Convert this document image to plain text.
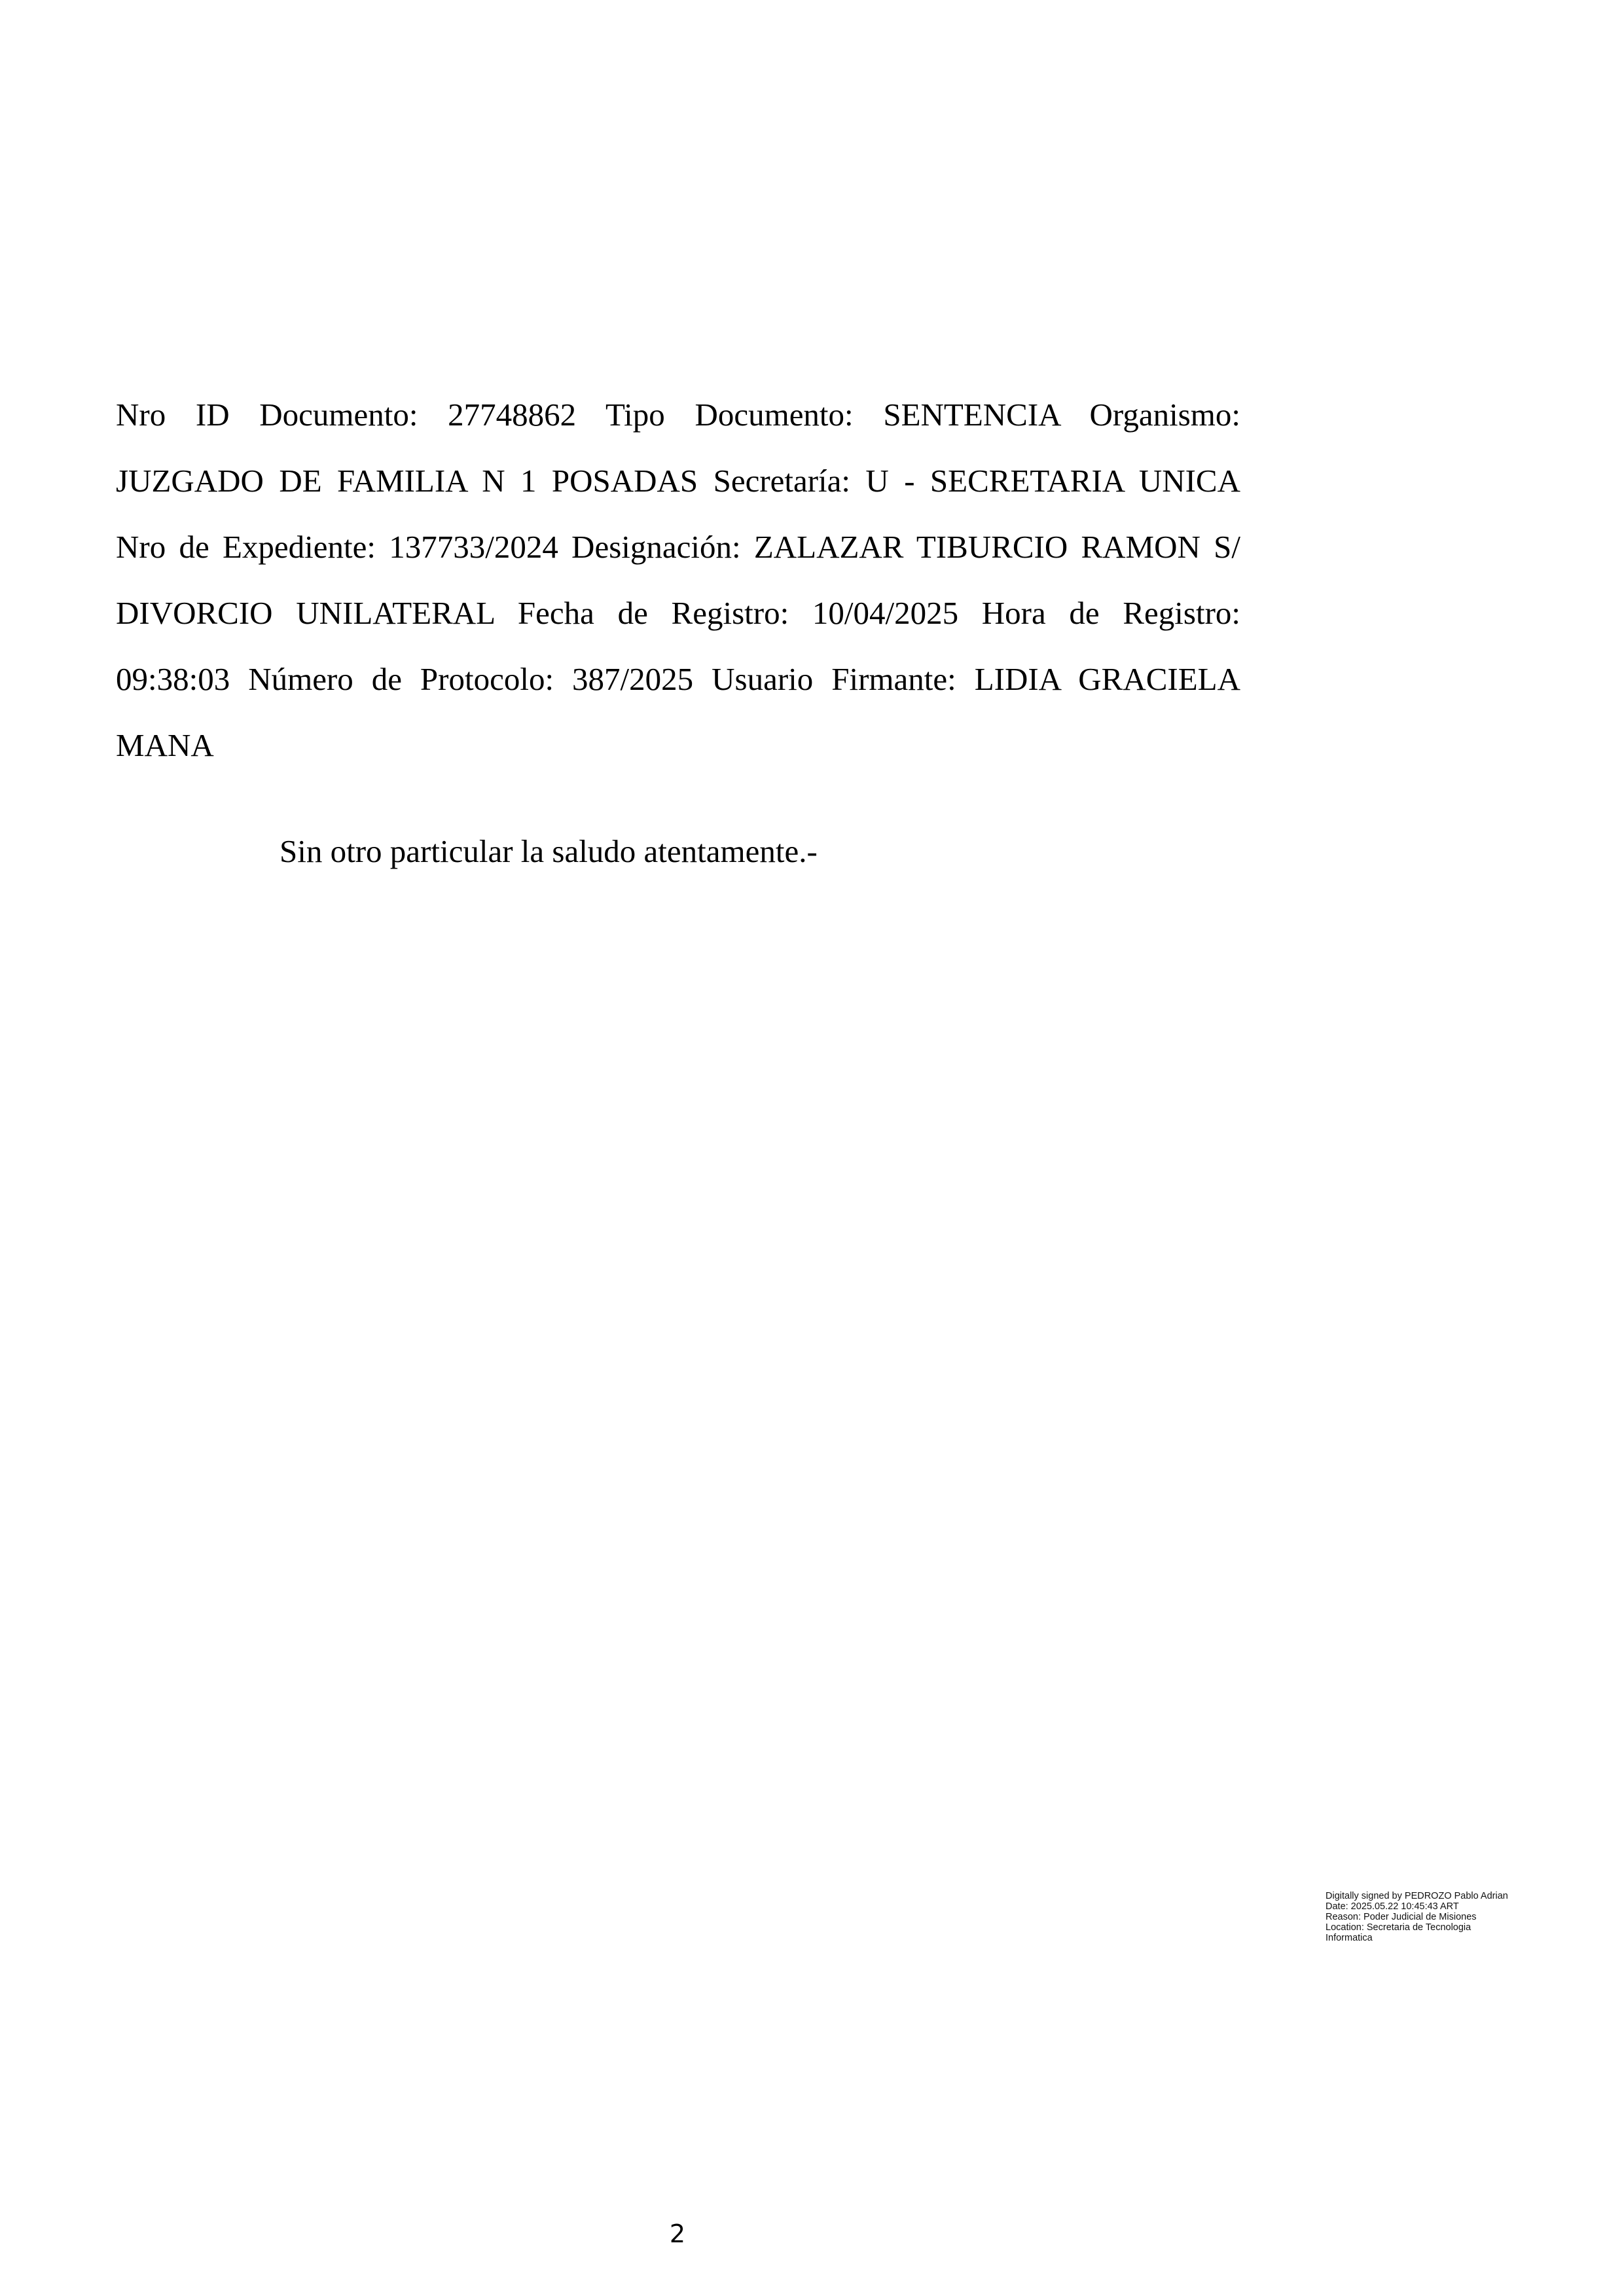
Nro ID Documento: 27748862 Tipo Documento: SENTENCIA Organismo:
JUZGADO DE FAMILIA N 1 POSADAS Secretaría: U - SECRETARIA UNICA
Nro de Expediente: 137733/2024 Designación: ZALAZAR TIBURCIO RAMON S/
DIVORCIO UNILATERAL Fecha de Registro: 10/04/2025 Hora de Registro:
09:38:03 Número de Protocolo: 387/2025 Usuario Firmante: LIDIA GRACIELA
MANA
Sin otro particular la saludo atentamente.-
Digitally signed by PEDROZO Pablo Adrian
Date: 2025.05.22 10:45:43 ART
Reason: Poder Judicial de Misiones
Location: Secretaria de Tecnologia
Informatica
2
